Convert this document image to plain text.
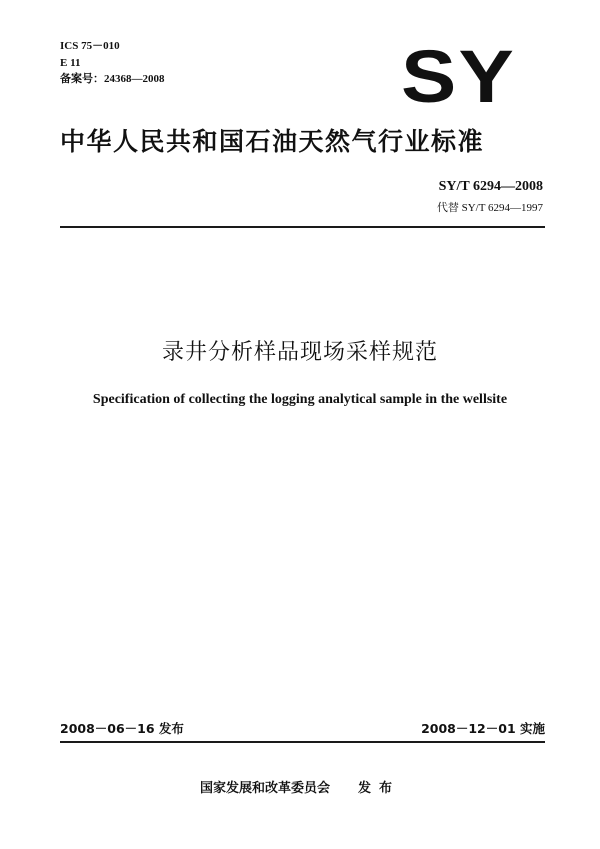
ICS 75－010
E 11
备案号：24368—2008	SY
中华人民共和国石油天然气行业标准
SY/T 6294—2008
代替 SY/T 6294—1997
录井分析样品现场采样规范
Specification of collecting the logging analytical sample in the wellsite
2008－06－16 发布	2008－12－01 实施
国家发展和改革委员会 发布
